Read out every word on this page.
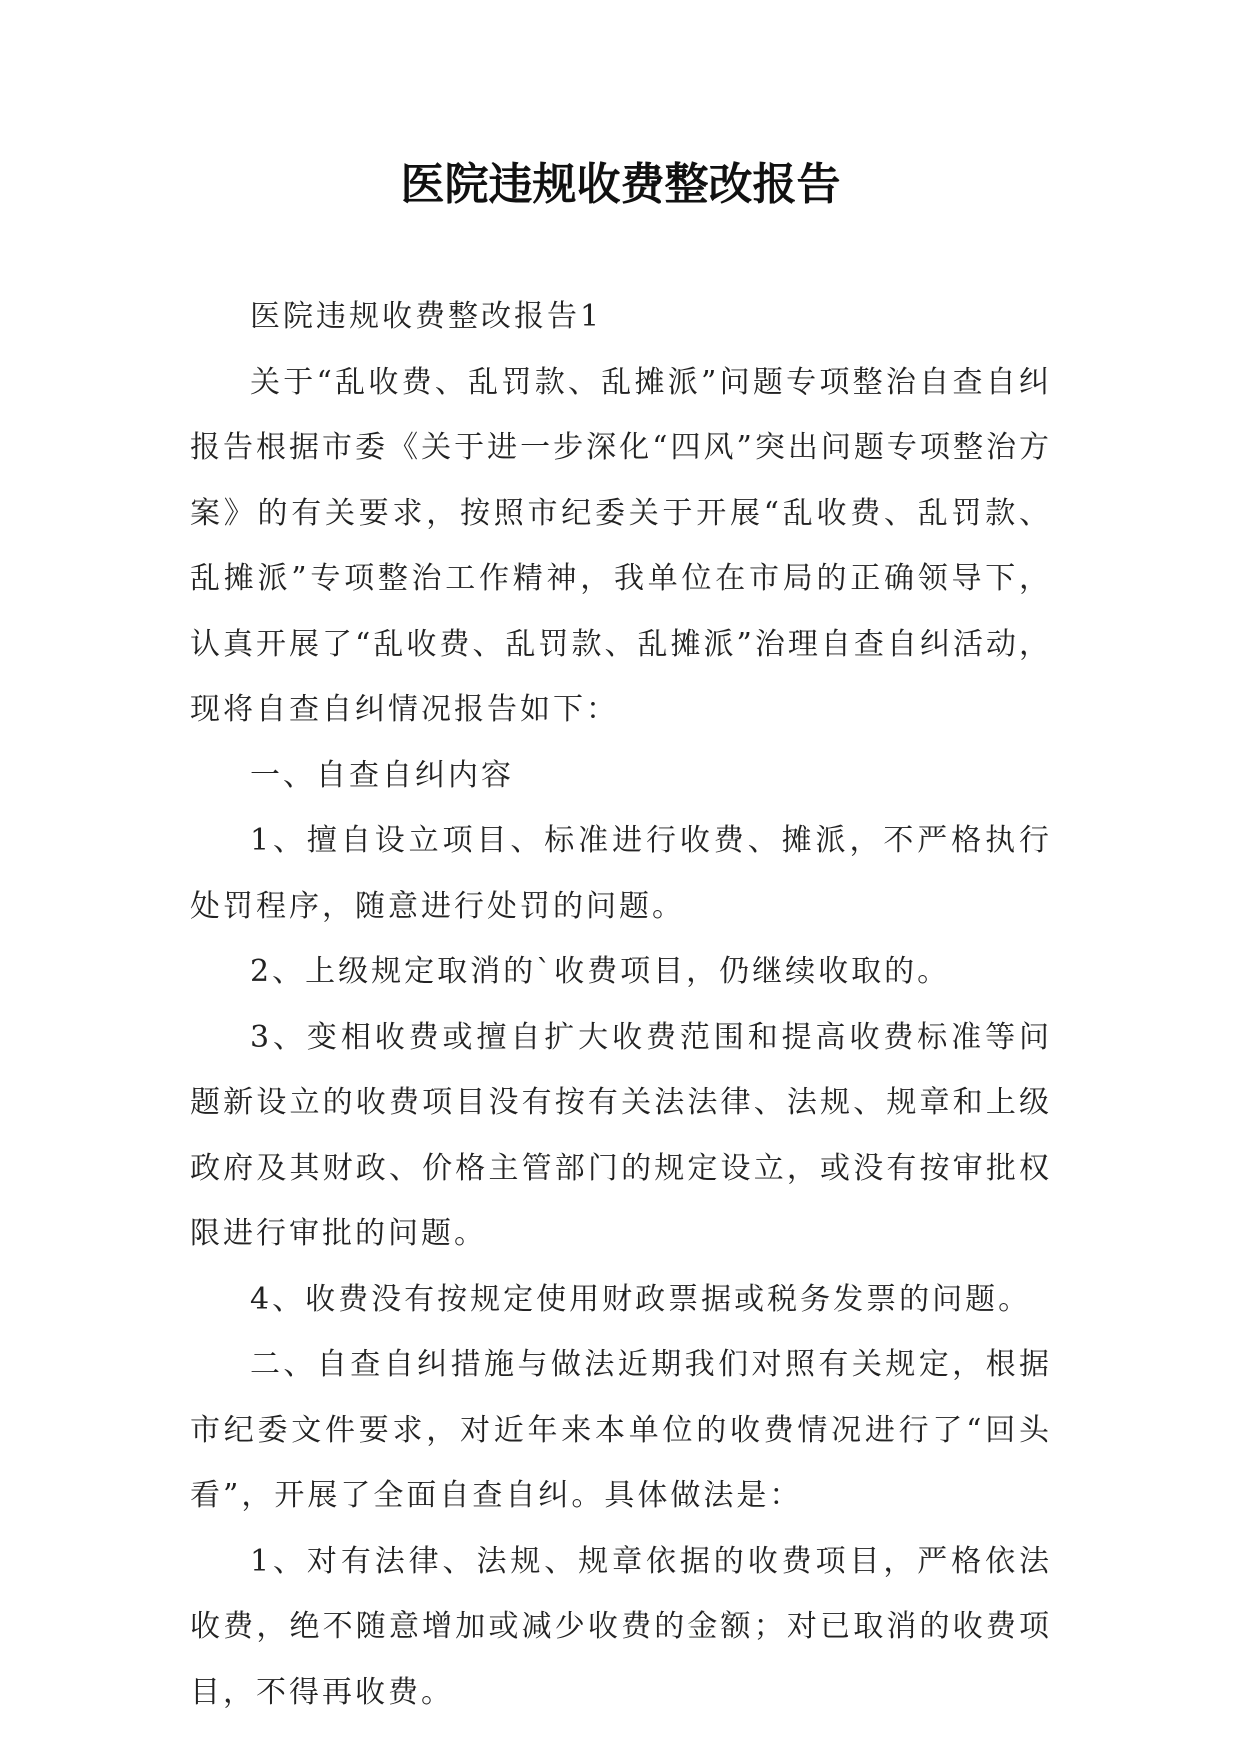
医院违规收费整改报告

医院违规收费整改报告1

关于“乱收费、乱罚款、乱摊派”问题专项整治自查自纠报告根据市委《关于进一步深化“四风”突出问题专项整治方案》的有关要求，按照市纪委关于开展“乱收费、乱罚款、乱摊派”专项整治工作精神，我单位在市局的正确领导下，认真开展了“乱收费、乱罚款、乱摊派”治理自查自纠活动，现将自查自纠情况报告如下：

一、自查自纠内容

1、擅自设立项目、标准进行收费、摊派，不严格执行处罚程序，随意进行处罚的问题。

2、上级规定取消的`收费项目，仍继续收取的。

3、变相收费或擅自扩大收费范围和提高收费标准等问题新设立的收费项目没有按有关法法律、法规、规章和上级政府及其财政、价格主管部门的规定设立，或没有按审批权限进行审批的问题。

4、收费没有按规定使用财政票据或税务发票的问题。

二、自查自纠措施与做法近期我们对照有关规定，根据市纪委文件要求，对近年来本单位的收费情况进行了“回头看”，开展了全面自查自纠。具体做法是：

1、对有法律、法规、规章依据的收费项目，严格依法收费，绝不随意增加或减少收费的金额；对已取消的收费项目，不得再收费。
